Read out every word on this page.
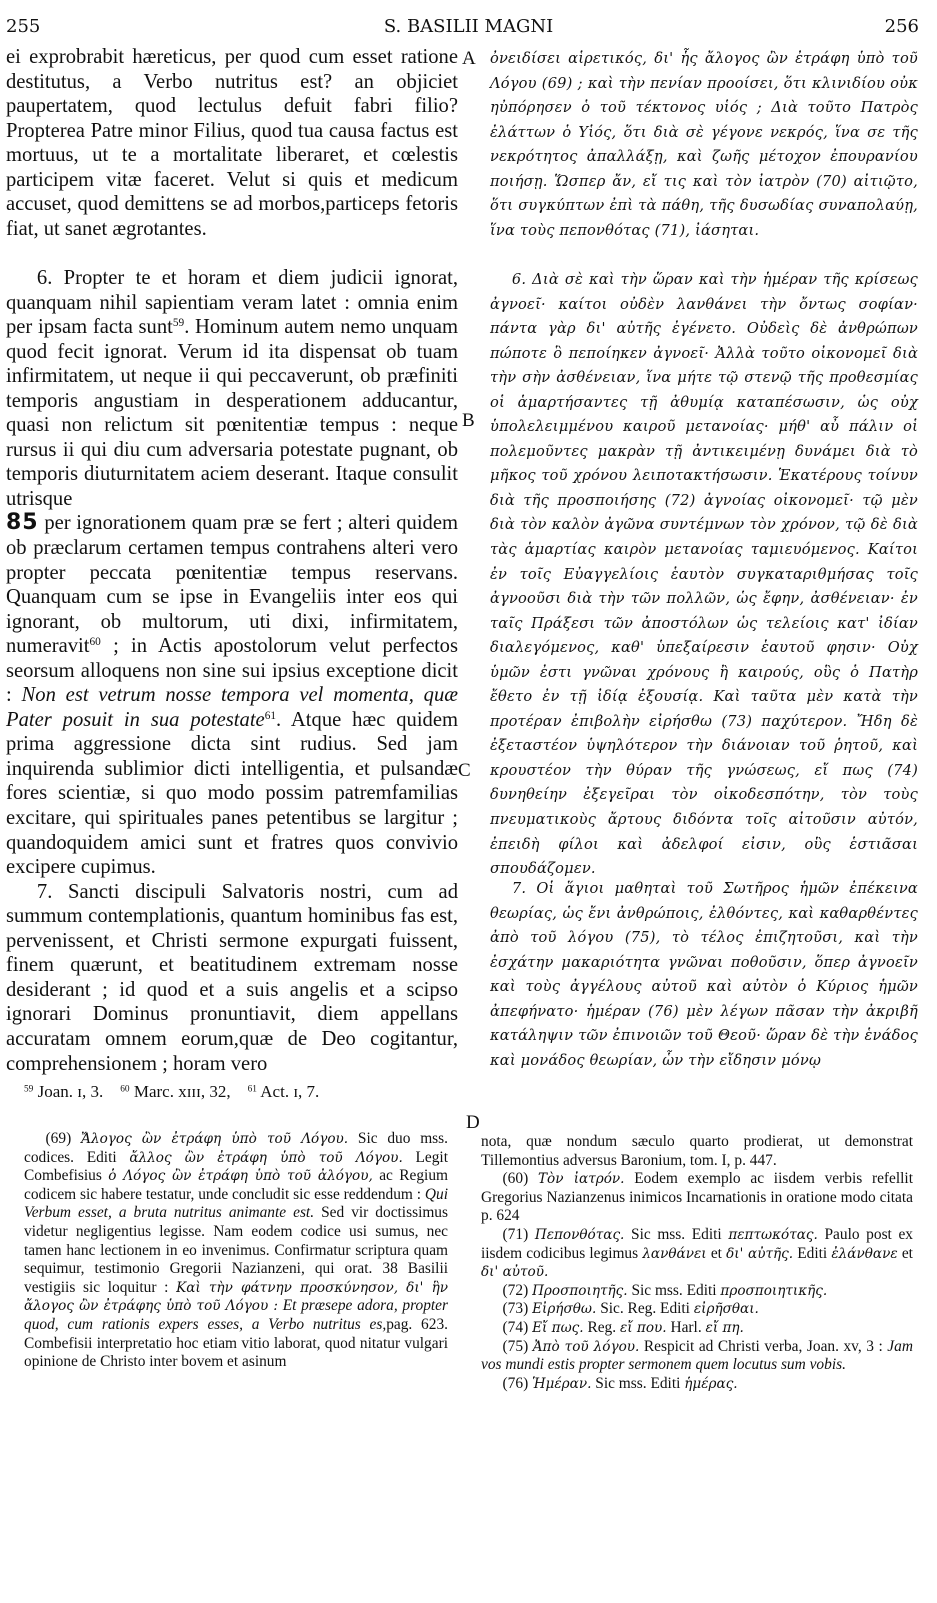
255	S. BASILII MAGNI	256
A
B
C
D

ei exprobrabit hæreticus, per quod cum esset ratione destitutus, a Verbo nutritus est? an objiciet paupertatem, quod lectulus defuit fabri filio? Propterea Patre minor Filius, quod tua causa factus est mortuus, ut te a mortalitate liberaret, et cœlestis participem vitæ faceret. Velut si quis et medicum accuset, quod demittens se ad morbos,particeps fetoris fiat, ut sanet ægrotantes.

6. Propter te et horam et diem judicii ignorat, quanquam nihil sapientiam veram latet : omnia enim per ipsam facta sunt$^{59}$. Hominum autem nemo unquam quod fecit ignorat. Verum id ita dispensat ob tuam infirmitatem, ut neque ii qui peccaverunt, ob præfiniti temporis angustiam in desperationem adducantur, quasi non relictum sit pœnitentiæ tempus : neque rursus ii qui diu cum adversaria potestate pugnant, ob temporis diuturnitatem aciem deserant. Itaque consulit utrisque
85 per ignorationem quam præ se fert ; alteri quidem ob præclarum certamen tempus contrahens alteri vero propter peccata pœnitentiæ tempus reservans. Quanquam cum se ipse in Evangeliis inter eos qui ignorant, ob multorum, uti dixi, infirmitatem, numeravit$^{60}$ ; in Actis apostolorum velut perfectos seorsum alloquens non sine sui ipsius exceptione dicit : Non est vetrum nosse tempora vel momenta, quæ Pater posuit in sua potestate$^{61}$. Atque hæc quidem prima aggressione dicta sint rudius. Sed jam inquirenda sublimior dicti intelligentia, et pulsandæ fores scientiæ, si quo modo possim patremfamilias excitare, qui spirituales panes petentibus se largitur ; quandoquidem amici sunt et fratres quos convivio excipere cupimus.

7. Sancti discipuli Salvatoris nostri, cum ad summum contemplationis, quantum hominibus fas est, pervenissent, et Christi sermone expurgati fuissent, finem quærunt, et beatitudinem extremam nosse desiderant ; id quod et a suis angelis et a scipso ignorari Dominus pronuntiavit, diem appellans accuratam omnem eorum,quæ de Deo cogitantur, comprehensionem ; horam vero

ὀνειδίσει αἱρετικός, δι' ἧς ἄλογος ὢν ἐτράφη ὑπὸ τοῦ Λόγου (69) ; καὶ τὴν πενίαν προοίσει, ὅτι κλινιδίου οὐκ ηὐπόρησεν ὁ τοῦ τέκτονος υἱός ; Διὰ τοῦτο Πατρὸς ἐλάττων ὁ Υἱός, ὅτι διὰ σὲ γέγονε νεκρός, ἵνα σε τῆς νεκρότητος ἀπαλλάξῃ, καὶ ζωῆς μέτοχον ἐπουρανίου ποιήσῃ. Ὥσπερ ἄν, εἴ τις καὶ τὸν ἰατρὸν (70) αἰτιῷτο, ὅτι συγκύπτων ἐπὶ τὰ πάθη, τῆς δυσωδίας συναπολαύῃ, ἵνα τοὺς πεπονθότας (71), ἰάσηται.

6. Διὰ σὲ καὶ τὴν ὥραν καὶ τὴν ἡμέραν τῆς κρίσεως ἀγνοεῖ· καίτοι οὐδὲν λανθάνει τὴν ὄντως σοφίαν· πάντα γὰρ δι' αὐτῆς ἐγένετο. Οὐδεὶς δὲ ἀνθρώπων πώποτε ὃ πεποίηκεν ἀγνοεῖ· Ἀλλὰ τοῦτο οἰκονομεῖ διὰ τὴν σὴν ἀσθένειαν, ἵνα μήτε τῷ στενῷ τῆς προθεσμίας οἱ ἁμαρτήσαντες τῇ ἀθυμίᾳ καταπέσωσιν, ὡς οὐχ ὑπολελειμμένου καιροῦ μετανοίας· μήθ' αὖ πάλιν οἱ πολεμοῦντες μακρὰν τῇ ἀντικειμένῃ δυνάμει διὰ τὸ μῆκος τοῦ χρόνου λειποτακτήσωσιν. Ἑκατέρους τοίνυν διὰ τῆς προσποιήσης (72) ἀγνοίας οἰκονομεῖ· τῷ μὲν διὰ τὸν καλὸν ἀγῶνα συντέμνων τὸν χρόνον, τῷ δὲ διὰ τὰς ἁμαρτίας καιρὸν μετανοίας ταμιευόμενος. Καίτοι ἐν τοῖς Εὐαγγελίοις ἑαυτὸν συγκαταριθμήσας τοῖς ἀγνοοῦσι διὰ τὴν τῶν πολλῶν, ὡς ἔφην, ἀσθένειαν· ἐν ταῖς Πράξεσι τῶν ἀποστόλων ὡς τελείοις κατ' ἰδίαν διαλεγόμενος, καθ' ὑπεξαίρεσιν ἑαυτοῦ φησιν· Οὐχ ὑμῶν ἐστι γνῶναι χρόνους ἢ καιρούς, οὓς ὁ Πατὴρ ἔθετο ἐν τῇ ἰδίᾳ ἐξουσίᾳ. Καὶ ταῦτα μὲν κατὰ τὴν προτέραν ἐπιβολὴν εἰρήσθω (73) παχύτερον. Ἤδη δὲ ἐξεταστέον ὑψηλότερον τὴν διάνοιαν τοῦ ῥητοῦ, καὶ κρουστέον τὴν θύραν τῆς γνώσεως, εἴ πως (74) δυνηθείην ἐξεγεῖραι τὸν οἰκοδεσπότην, τὸν τοὺς πνευματικοὺς ἄρτους διδόντα τοῖς αἰτοῦσιν αὐτόν, ἐπειδὴ φίλοι καὶ ἀδελφοί εἰσιν, οὓς ἑστιᾶσαι σπουδάζομεν.

7. Οἱ ἅγιοι μαθηταὶ τοῦ Σωτῆρος ἡμῶν ἐπέκεινα θεωρίας, ὡς ἔνι ἀνθρώποις, ἐλθόντες, καὶ καθαρθέντες ἀπὸ τοῦ λόγου (75), τὸ τέλος ἐπιζητοῦσι, καὶ τὴν ἐσχάτην μακαριότητα γνῶναι ποθοῦσιν, ὅπερ ἀγνοεῖν καὶ τοὺς ἀγγέλους αὐτοῦ καὶ αὐτὸν ὁ Κύριος ἡμῶν ἀπεφήνατο· ἡμέραν (76) μὲν λέγων πᾶσαν τὴν ἀκριβῆ κατάληψιν τῶν ἐπινοιῶν τοῦ Θεοῦ· ὥραν δὲ τὴν ἑνάδος καὶ μονάδος θεωρίαν, ὧν τὴν εἴδησιν μόνῳ

$^{59}$ Joan. ɪ, 3. $^{60}$ Marc. xɪɪɪ, 32, $^{61}$ Act. ɪ, 7.

(69) Ἄλογος ὢν ἐτράφη ὑπὸ τοῦ Λόγου. Sic duo mss. codices. Editi ἄλλος ὢν ἐτράφη ὑπὸ τοῦ Λόγου. Legit Combefisius ὁ Λόγος ὢν ἐτράφη ὑπὸ τοῦ ἀλόγου, ac Regium codicem sic habere testatur, unde concludit sic esse reddendum : Qui Verbum esset, a bruta nutritus animante est. Sed vir doctissimus videtur negligentius legisse. Nam eodem codice usi sumus, nec tamen hanc lectionem in eo invenimus. Confirmatur scriptura quam sequimur, testimonio Gregorii Nazianzeni, qui orat. 38 Basilii vestigiis sic loquitur : Καὶ τὴν φάτνην προσκύνησον, δι' ἣν ἄλογος ὢν ἐτράφης ὑπὸ τοῦ Λόγου : Et præsepe adora, propter quod, cum rationis expers esses, a Verbo nutritus es,pag. 623. Combefisii interpretatio hoc etiam vitio laborat, quod nitatur vulgari opinione de Christo inter bovem et asinum

nota, quæ nondum sæculo quarto prodierat, ut demonstrat Tillemontius adversus Baronium, tom. I, p. 447.

(60) Τὸν ἰατρόν. Eodem exemplo ac iisdem verbis refellit Gregorius Nazianzenus inimicos Incarnationis in oratione modo citata p. 624

(71) Πεπονθότας. Sic mss. Editi πεπτωκότας. Paulo post ex iisdem codicibus legimus λανθάνει et δι' αὐτῆς. Editi ἐλάνθανε et δι' αὐτοῦ.

(72) Προσποιητῆς. Sic mss. Editi προσποιητικῆς.

(73) Εἰρήσθω. Sic. Reg. Editi εἰρῆσθαι.

(74) Εἴ πως. Reg. εἴ που. Harl. εἴ πη.

(75) Ἀπὸ τοῦ λόγου. Respicit ad Christi verba, Joan. xv, 3 : Jam vos mundi estis propter sermonem quem locutus sum vobis.

(76) Ἡμέραν. Sic mss. Editi ἡμέρας.
